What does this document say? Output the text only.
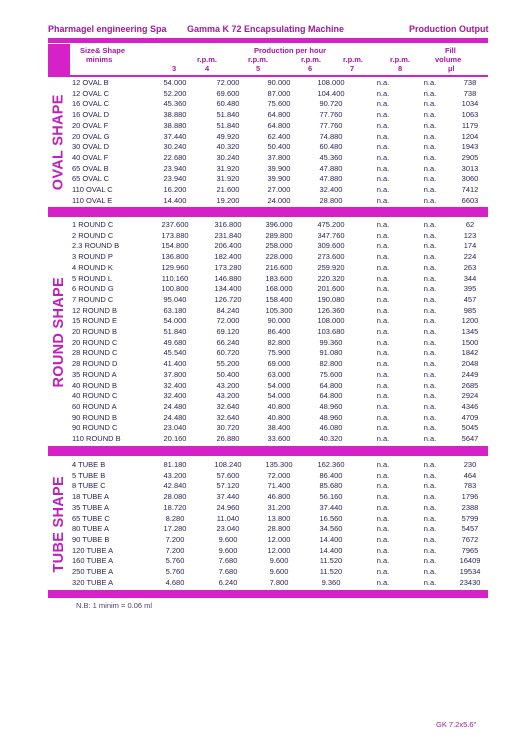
Pharmagel engineering Spa Gamma K 72 Encapsulating Machine	Production Output
Size& Shape
minims
Production per hour	Fill
volume
µl
r.p.m.	r.p.m.	r.p.m.	r.p.m.	r.p.m.
3	4	5	6	7	8
OVAL SHAPE	12 OVAL B	54.000	72.000	90.000	108.000	n.a.	n.a.	738
	12 OVAL C	52.200	69.600	87.000	104.400	n.a.	n.a.	738
	16 OVAL C	45.360	60.480	75.600	90.720	n.a.	n.a.	1034
	16 OVAL D	38.880	51.840	64.800	77.760	n.a.	n.a.	1063
	20 OVAL F	38.880	51.840	64.800	77.760	n.a.	n.a.	1179
	20 OVAL G	37.440	49.920	62.400	74.880	n.a.	n.a.	1204
	30 OVAL D	30.240	40.320	50.400	60.480	n.a.	n.a.	1943
	40 OVAL F	22.680	30.240	37.800	45.360	n.a.	n.a.	2905
	65 OVAL B	23.940	31.920	39.900	47.880	n.a.	n.a.	3013
	65 OVAL C	23.940	31.920	39.900	47.880	n.a.	n.a.	3060
	110 OVAL C	16.200	21.600	27.000	32.400	n.a.	n.a.	7412
	110 OVAL E	14.400	19.200	24.000	28.800	n.a.	n.a.	6603
ROUND SHAPE	1 ROUND C	237.600	316.800	396.000	475.200	n.a.	n.a.	62
	2 ROUND C	173.880	231.840	289.800	347.760	n.a.	n.a.	123
	2.3 ROUND B	154.800	206.400	258.000	309.600	n.a.	n.a.	174
	3 ROUND P	136.800	182.400	228.000	273.600	n.a.	n.a.	224
	4 ROUND K	129.960	173.280	216.600	259.920	n.a.	n.a.	263
	5 ROUND L	110.160	146.880	183.600	220.320	n.a.	n.a.	344
	6 ROUND G	100.800	134.400	168.000	201.600	n.a.	n.a.	395
	7 ROUND C	95.040	126.720	158.400	190.080	n.a.	n.a.	457
	12 ROUND B	63.180	84.240	105.300	126.360	n.a.	n.a.	985
	15 ROUND E	54.000	72.000	90.000	108.000	n.a.	n.a.	1200
	20 ROUND B	51.840	69.120	86.400	103.680	n.a.	n.a.	1345
	20 ROUND C	49.680	66.240	82.800	99.360	n.a.	n.a.	1500
	28 ROUND C	45.540	60.720	75.900	91.080	n.a.	n.a.	1842
	28 ROUND D	41.400	55.200	69.000	82.800	n.a.	n.a.	2048
	35 ROUND A	37.800	50.400	63.000	75.600	n.a.	n.a.	2449
	40 ROUND B	32.400	43.200	54.000	64.800	n.a.	n.a.	2685
	40 ROUND C	32.400	43.200	54.000	64.800	n.a.	n.a.	2924
	60 ROUND A	24.480	32.640	40.800	48.960	n.a.	n.a.	4346
	90 ROUND B	24.480	32.640	40.800	48.960	n.a.	n.a.	4709
	90 ROUND C	23.040	30.720	38.400	46.080	n.a.	n.a.	5045
	110 ROUND B	20.160	26.880	33.600	40.320	n.a.	n.a.	5647
TUBE SHAPE	4 TUBE B	81.180	108.240	135.300	162.360	n.a.	n.a.	230
	5 TUBE B	43.200	57.600	72.000	86.400	n.a.	n.a.	464
	8 TUBE C	42.840	57.120	71.400	85.680	n.a.	n.a.	783
	18 TUBE A	28.080	37.440	46.800	56.160	n.a.	n.a.	1796
	35 TUBE A	18.720	24.960	31.200	37.440	n.a.	n.a.	2388
	65 TUBE C	8.280	11.040	13.800	16.560	n.a.	n.a.	5799
	80 TUBE A	17.280	23.040	28.800	34.560	n.a.	n.a.	5457
	90 TUBE B	7.200	9.600	12.000	14.400	n.a.	n.a.	7672
	120 TUBE A	7.200	9.600	12.000	14.400	n.a.	n.a.	7965
	160 TUBE A	5.760	7.680	9.600	11.520	n.a.	n.a.	16409
	250 TUBE A	5.760	7.680	9.600	11.520	n.a.	n.a.	19534
	320 TUBE A	4.680	6.240	7.800	9.360	n.a.	n.a.	23430
N.B: 1 minim = 0.06 ml
GK 7.2x5.6"
